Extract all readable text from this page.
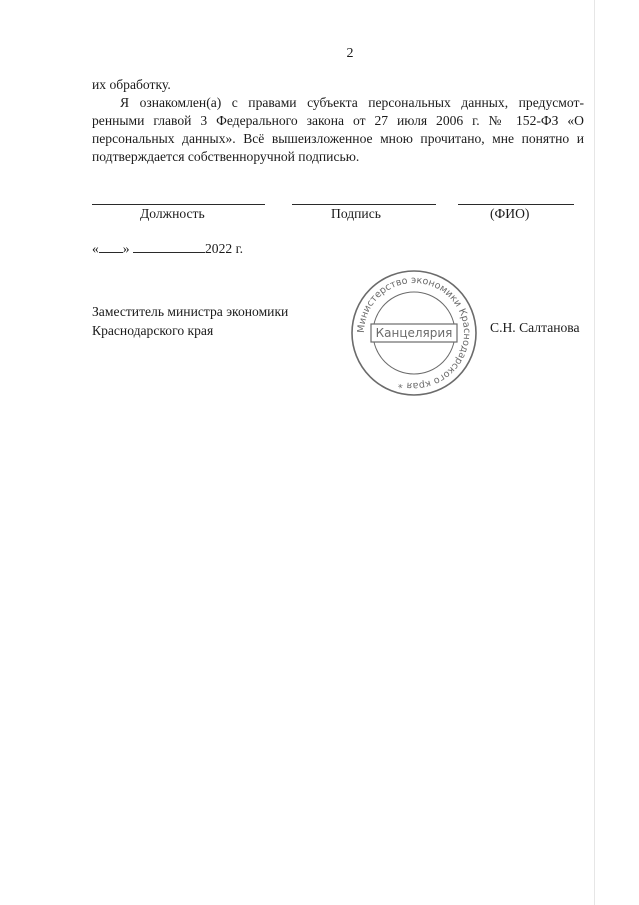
2

их обработку.

Я ознакомлен(а) с правами субъекта персональных данных, предусмот-ренными главой 3 Федерального закона от 27 июля 2006 г. № 152-ФЗ «О персональных данных». Всё вышеизложенное мною прочитано, мне понятно и подтверждается собственноручной подписью.

Должность	Подпись	(ФИО)
« »	2022 г.
Заместитель министра экономики
Краснодарского края	Министерство экономики Краснодарского края *
Канцелярия	С.Н. Салтанова
